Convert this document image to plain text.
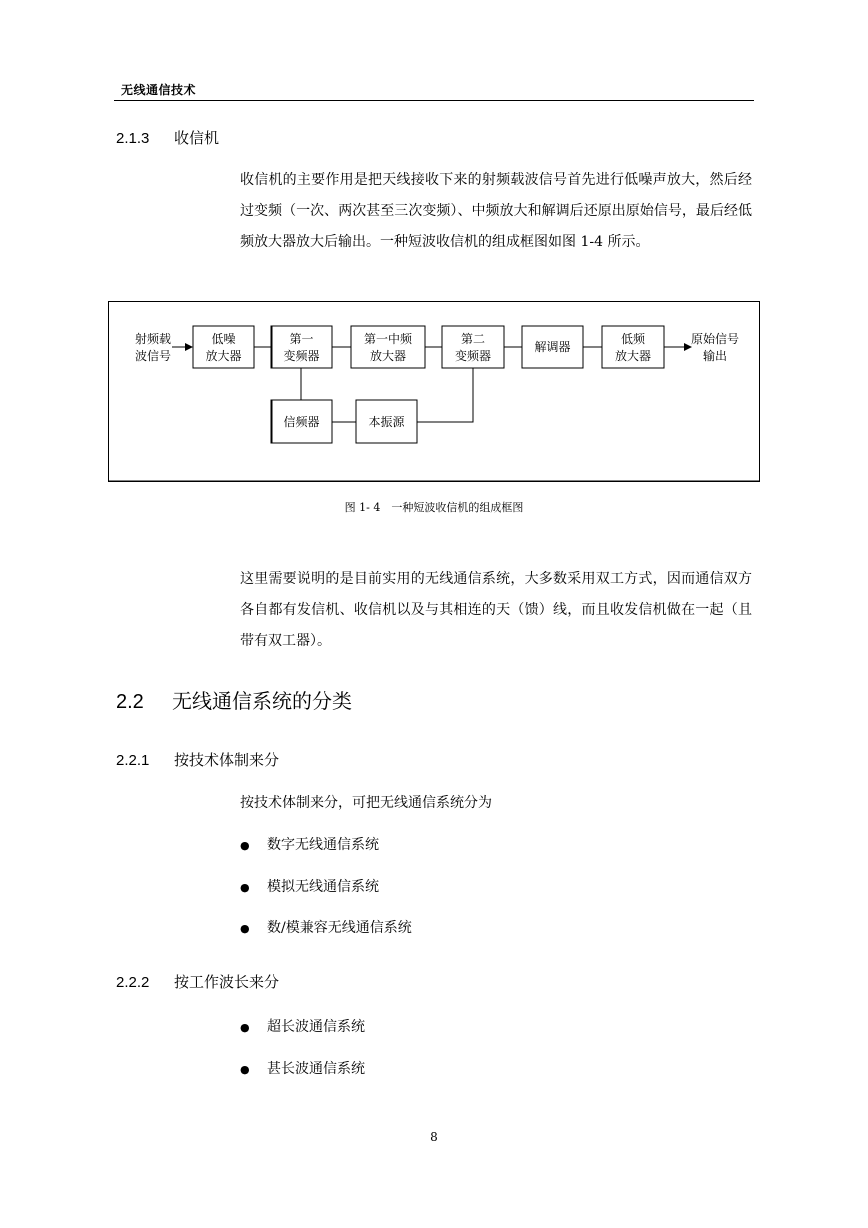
无线通信技术
2.1.3 收信机
收信机的主要作用是把天线接收下来的射频载波信号首先进行低噪声放大，然后经过变频（一次、两次甚至三次变频）、中频放大和解调后还原出原始信号，最后经低频放大器放大后输出。一种短波收信机的组成框图如图 1-4 所示。
射频载
波信号
原始信号
输出
低噪
放大器
第一
变频器
第一中频
放大器
第二
变频器
解调器
低频
放大器
信频器	本振源
图 1- 4　一种短波收信机的组成框图
这里需要说明的是目前实用的无线通信系统，大多数采用双工方式，因而通信双方各自都有发信机、收信机以及与其相连的天（馈）线，而且收发信机做在一起（且带有双工器）。
2.2 无线通信系统的分类
2.2.1 按技术体制来分
按技术体制来分，可把无线通信系统分为
● 数字无线通信系统
● 模拟无线通信系统
● 数/模兼容无线通信系统
2.2.2 按工作波长来分
● 超长波通信系统
● 甚长波通信系统
8
